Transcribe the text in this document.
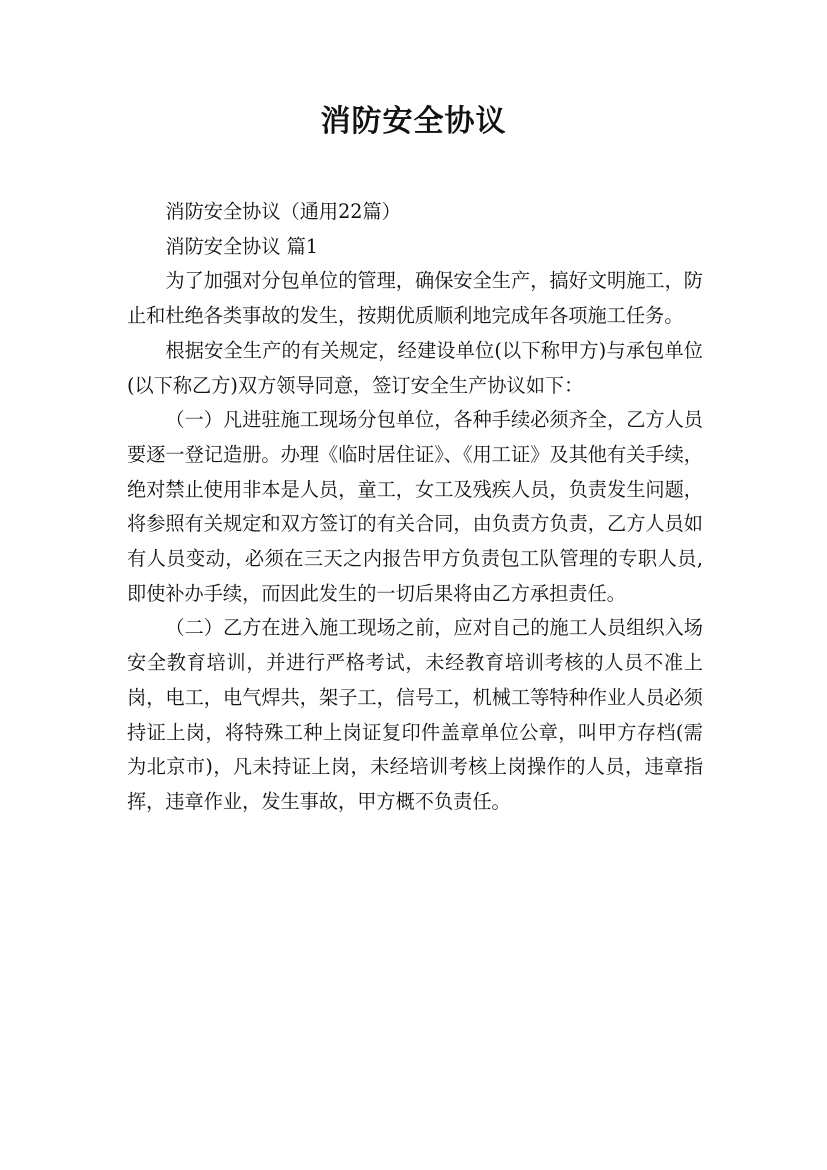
消防安全协议

消防安全协议（通用22篇）

消防安全协议 篇1

为了加强对分包单位的管理，确保安全生产，搞好文明施工，防止和杜绝各类事故的发生，按期优质顺利地完成年各项施工任务。

根据安全生产的有关规定，经建设单位(以下称甲方)与承包单位(以下称乙方)双方领导同意，签订安全生产协议如下：

（一）凡进驻施工现场分包单位，各种手续必须齐全，乙方人员要逐一登记造册。办理《临时居住证》、《用工证》及其他有关手续，绝对禁止使用非本是人员，童工，女工及残疾人员，负责发生问题，将参照有关规定和双方签订的有关合同，由负责方负责，乙方人员如有人员变动，必须在三天之内报告甲方负责包工队管理的专职人员,即使补办手续，而因此发生的一切后果将由乙方承担责任。

（二）乙方在进入施工现场之前，应对自己的施工人员组织入场安全教育培训，并进行严格考试，未经教育培训考核的人员不准上岗，电工，电气焊共，架子工，信号工，机械工等特种作业人员必须持证上岗，将特殊工种上岗证复印件盖章单位公章，叫甲方存档(需为北京市)，凡未持证上岗，未经培训考核上岗操作的人员，违章指挥，违章作业，发生事故，甲方概不负责任。
